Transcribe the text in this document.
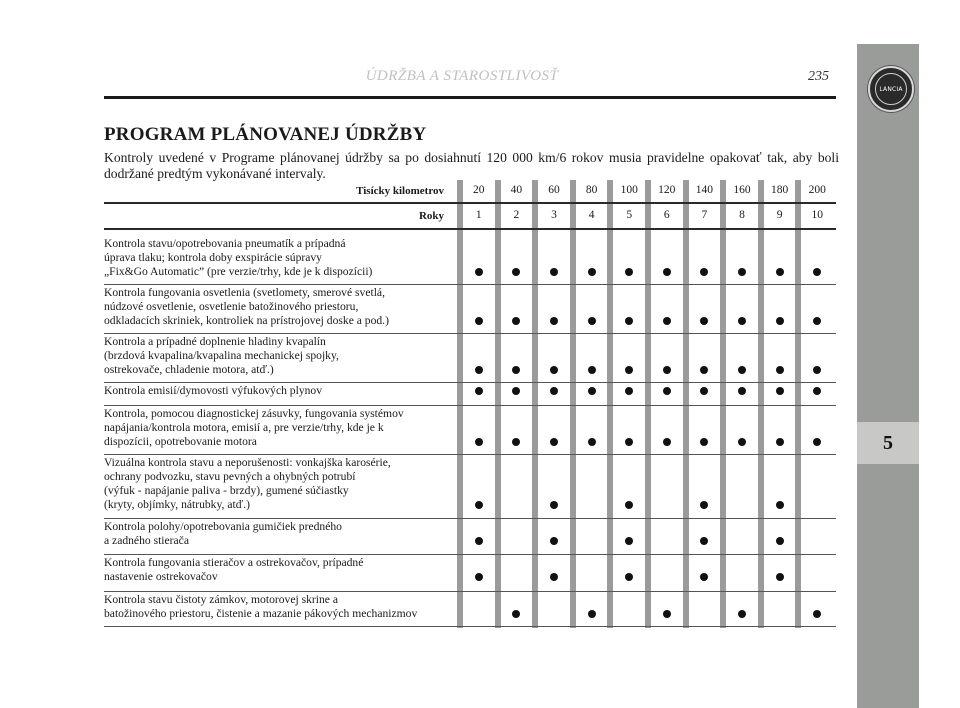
LANCIA
5
ÚDRŽBA A STAROSTLIVOSŤ	235
PROGRAM PLÁNOVANEJ ÚDRŽBY
Kontroly uvedené v Programe plánovanej údržby sa po dosiahnutí 120 000 km/6 rokov musia pravidelne opakovať tak, aby boli dodržané predtým vykonávané intervaly.
Tisícky kilometrov
Roky
20
1
40
2
60
3
80
4
100
5
120
6
140
7
160
8
180
9
200
10
Kontrola stavu/opotrebovania pneumatík a prípadná
úprava tlaku; kontrola doby exspirácie súpravy
„Fix&Go Automatic” (pre verzie/trhy, kde je k dispozícii)
Kontrola fungovania osvetlenia (svetlomety, smerové svetlá,
núdzové osvetlenie, osvetlenie batožinového priestoru,
odkladacích skriniek, kontroliek na prístrojovej doske a pod.)
Kontrola a prípadné doplnenie hladiny kvapalín
(brzdová kvapalina/kvapalina mechanickej spojky,
ostrekovače, chladenie motora, atď.)
Kontrola emisií/dymovosti výfukových plynov
Kontrola, pomocou diagnostickej zásuvky, fungovania systémov
napájania/kontrola motora, emisií a, pre verzie/trhy, kde je k
dispozícii, opotrebovanie motora
Vizuálna kontrola stavu a neporušenosti: vonkajška karosérie,
ochrany podvozku, stavu pevných a ohybných potrubí
(výfuk - napájanie paliva - brzdy), gumené súčiastky
(kryty, objímky, nátrubky, atď.)
Kontrola polohy/opotrebovania gumičiek predného
a zadného stierača
Kontrola fungovania stieračov a ostrekovačov, prípadné
nastavenie ostrekovačov
Kontrola stavu čistoty zámkov, motorovej skrine a
batožinového priestoru, čistenie a mazanie pákových mechanizmov
